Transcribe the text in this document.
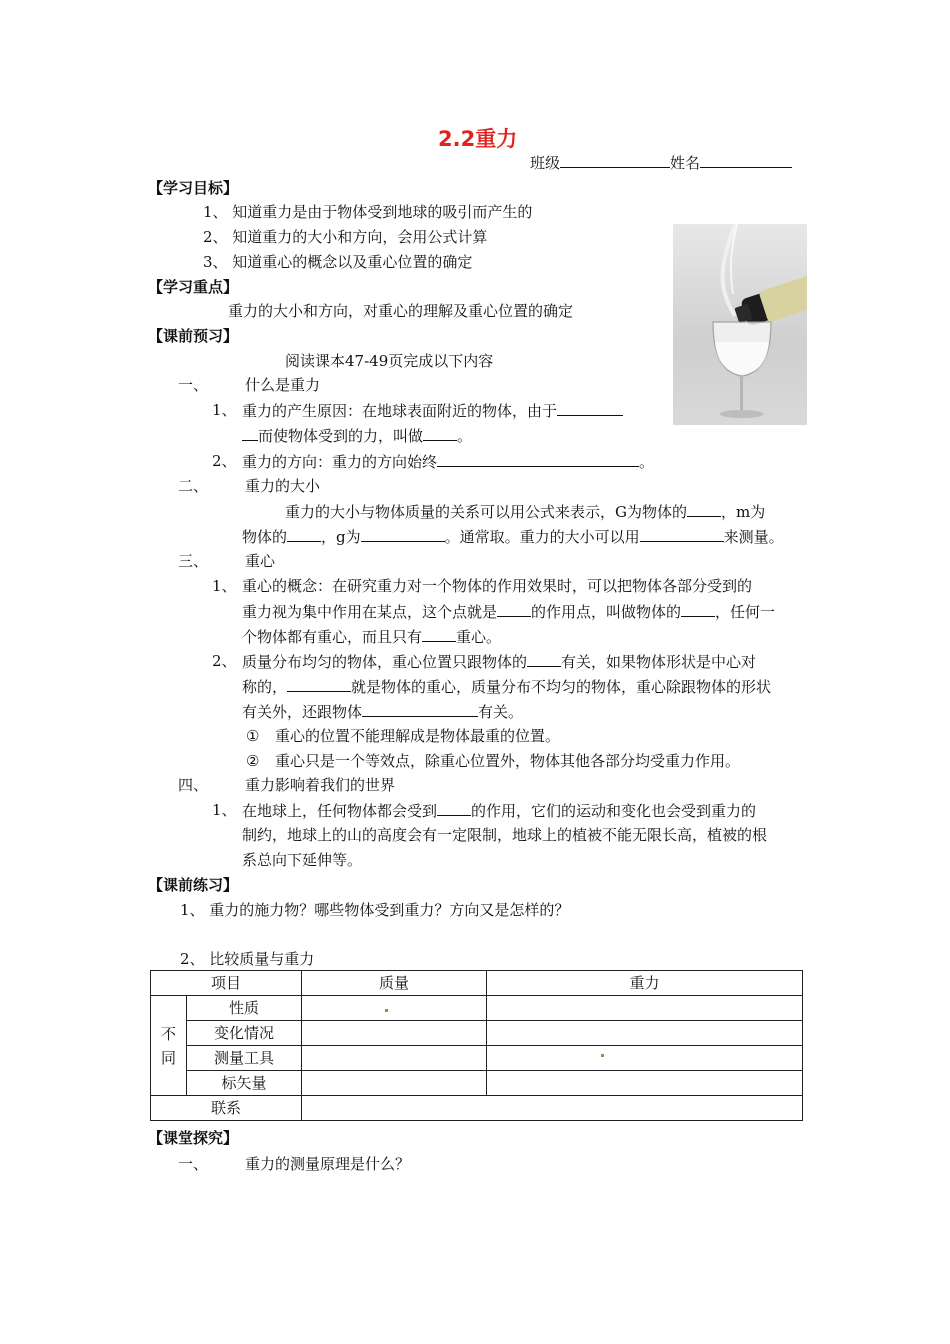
2.2重力
班级	姓名
【学习目标】
1、 知道重力是由于物体受到地球的吸引而产生的
2、 知道重力的大小和方向，会用公式计算
3、 知道重心的概念以及重心位置的确定
【学习重点】
重力的大小和方向，对重心的理解及重心位置的确定
【课前预习】
阅读课本47-49页完成以下内容
一、 什么是重力
1、 重力的产生原因：在地球表面附近的物体，由于
而使物体受到的力，叫做 。
2、 重力的方向：重力的方向始终	。
二、 重力的大小
重力的大小与物体质量的关系可以用公式来表示，G为物体的 ，m为
物体的 ，g为	。通常取。重力的大小可以用	来测量。
三、 重心
1、 重心的概念：在研究重力对一个物体的作用效果时，可以把物体各部分受到的
重力视为集中作用在某点，这个点就是 的作用点，叫做物体的 ，任何一
个物体都有重心，而且只有 重心。
2、 质量分布均匀的物体，重心位置只跟物体的 有关，如果物体形状是中心对
称的，	就是物体的重心，质量分布不均匀的物体，重心除跟物体的形状
有关外，还跟物体	有关。
① 重心的位置不能理解成是物体最重的位置。
② 重心只是一个等效点，除重心位置外，物体其他各部分均受重力作用。
四、 重力影响着我们的世界
1、 在地球上，任何物体都会受到 的作用，它们的运动和变化也会受到重力的
制约，地球上的山的高度会有一定限制，地球上的植被不能无限长高，植被的根
系总向下延伸等。
【课前练习】
1、 重力的施力物？哪些物体受到重力？方向又是怎样的？
2、 比较质量与重力
项目		质量	重力
不
同	性质		
	变化情况		
	测量工具		
	标矢量		
联系			
【课堂探究】
一、 重力的测量原理是什么？
